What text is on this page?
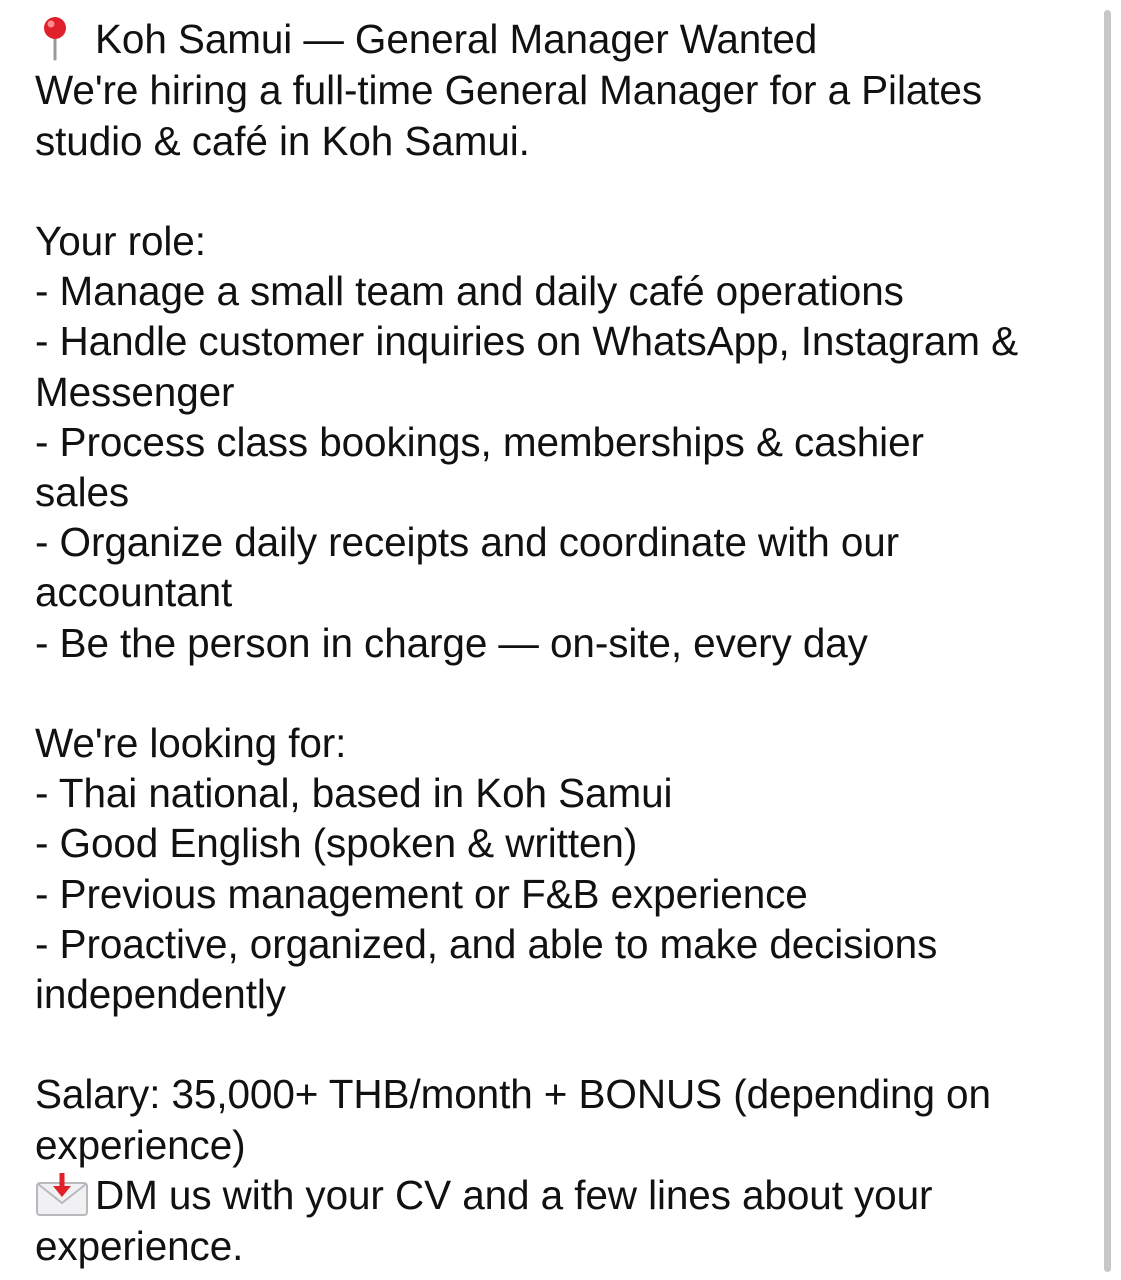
Koh Samui — General Manager Wanted
We're hiring a full-time General Manager for a Pilates
studio & café in Koh Samui.
Your role:
- Manage a small team and daily café operations
- Handle customer inquiries on WhatsApp, Instagram &
Messenger
- Process class bookings, memberships & cashier
sales
- Organize daily receipts and coordinate with our
accountant
- Be the person in charge — on-site, every day
We're looking for:
- Thai national, based in Koh Samui
- Good English (spoken & written)
- Previous management or F&B experience
- Proactive, organized, and able to make decisions
independently
Salary: 35,000+ THB/month + BONUS (depending on
experience)
DM us with your CV and a few lines about your
experience.
